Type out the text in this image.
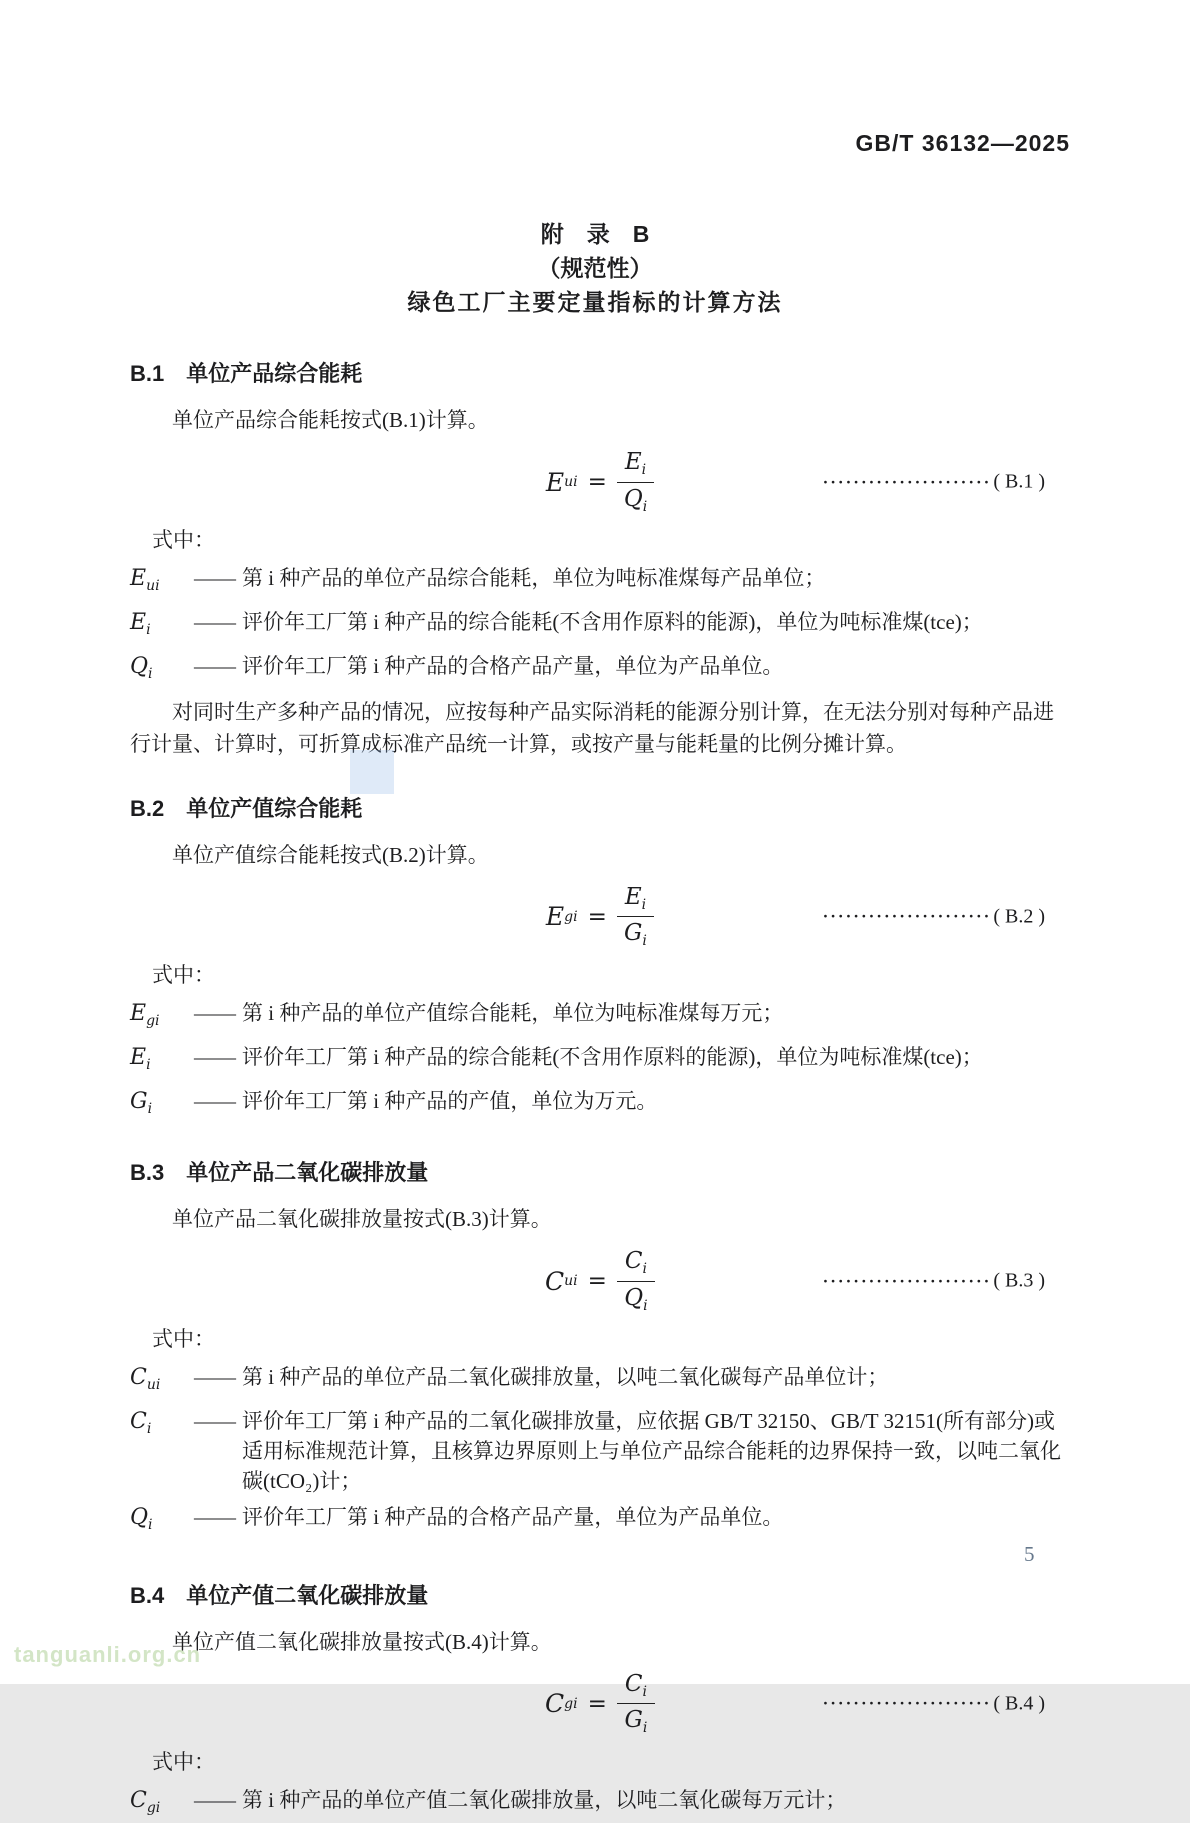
GB/T 36132—2025
附　录　B
（规范性）
绿色工厂主要定量指标的计算方法
B.1 单位产品综合能耗
单位产品综合能耗按式(B.1)计算。
E ui = $\frac{E_i}{Q_i}$	······················ ( B.1 )
式中：
$E_{ui}$	—— 第 i 种产品的单位产品综合能耗，单位为吨标准煤每产品单位；
$E_i$	—— 评价年工厂第 i 种产品的综合能耗(不含用作原料的能源)，单位为吨标准煤(tce)；
$Q_i$	—— 评价年工厂第 i 种产品的合格产品产量，单位为产品单位。
对同时生产多种产品的情况，应按每种产品实际消耗的能源分别计算，在无法分别对每种产品进行计量、计算时，可折算成标准产品统一计算，或按产量与能耗量的比例分摊计算。
B.2 单位产值综合能耗
单位产值综合能耗按式(B.2)计算。
E gi = $\frac{E_i}{G_i}$	······················ ( B.2 )
式中：
$E_{gi}$	—— 第 i 种产品的单位产值综合能耗，单位为吨标准煤每万元；
$E_i$	—— 评价年工厂第 i 种产品的综合能耗(不含用作原料的能源)，单位为吨标准煤(tce)；
$G_i$	—— 评价年工厂第 i 种产品的产值，单位为万元。
B.3 单位产品二氧化碳排放量
单位产品二氧化碳排放量按式(B.3)计算。
C ui = $\frac{C_i}{Q_i}$	······················ ( B.3 )
式中：
$C_{ui}$	—— 第 i 种产品的单位产品二氧化碳排放量，以吨二氧化碳每产品单位计；
$C_i$	—— 评价年工厂第 i 种产品的二氧化碳排放量，应依据 GB/T 32150、GB/T 32151(所有部分)或适用标准规范计算，且核算边界原则上与单位产品综合能耗的边界保持一致，以吨二氧化碳(tCO₂)计；
$Q_i$	—— 评价年工厂第 i 种产品的合格产品产量，单位为产品单位。
B.4 单位产值二氧化碳排放量
单位产值二氧化碳排放量按式(B.4)计算。
C gi = $\frac{C_i}{G_i}$	······················ ( B.4 )
式中：
$C_{gi}$	—— 第 i 种产品的单位产值二氧化碳排放量，以吨二氧化碳每万元计；
5
tanguanli.org.cn
